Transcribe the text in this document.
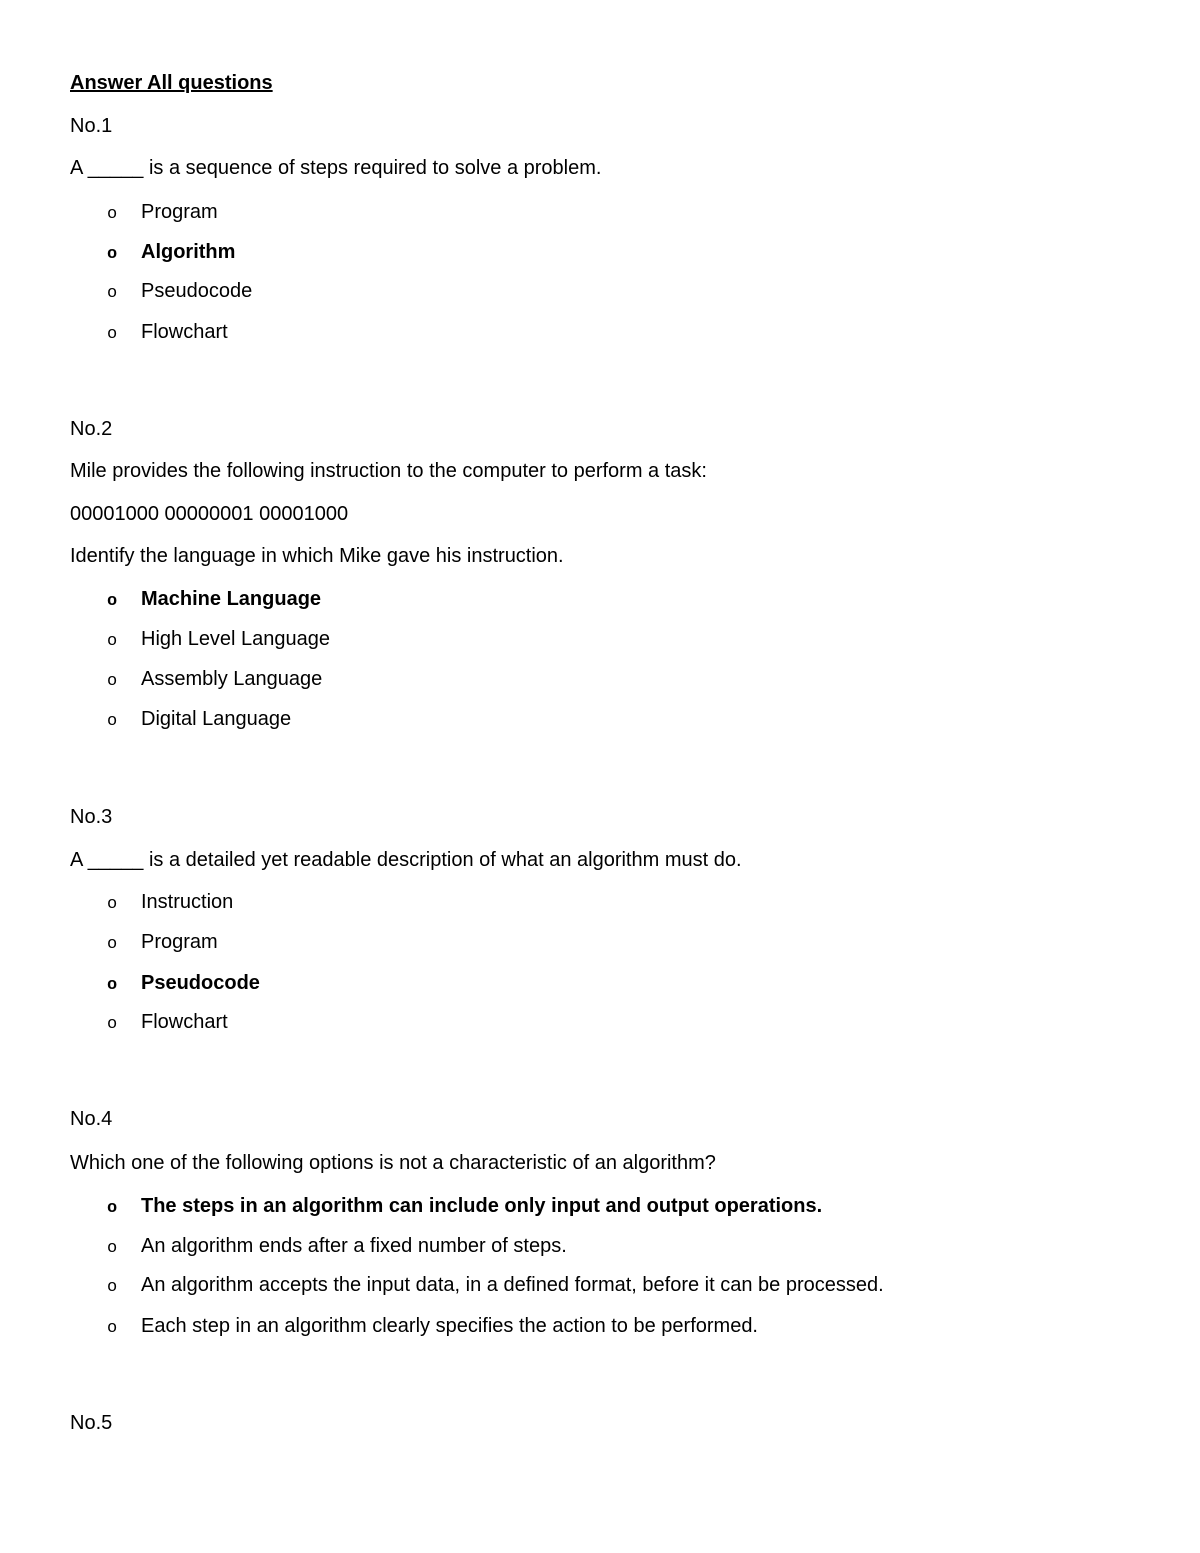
Answer All questions
No.1
A _____ is a sequence of steps required to solve a problem.
o Program
o Algorithm
o Pseudocode
o Flowchart
No.2
Mile provides the following instruction to the computer to perform a task:
00001000 00000001 00001000
Identify the language in which Mike gave his instruction.
o Machine Language
o High Level Language
o Assembly Language
o Digital Language
No.3
A _____ is a detailed yet readable description of what an algorithm must do.
o Instruction
o Program
o Pseudocode
o Flowchart
No.4
Which one of the following options is not a characteristic of an algorithm?
o The steps in an algorithm can include only input and output operations.
o An algorithm ends after a fixed number of steps.
o An algorithm accepts the input data, in a defined format, before it can be processed.
o Each step in an algorithm clearly specifies the action to be performed.
No.5
